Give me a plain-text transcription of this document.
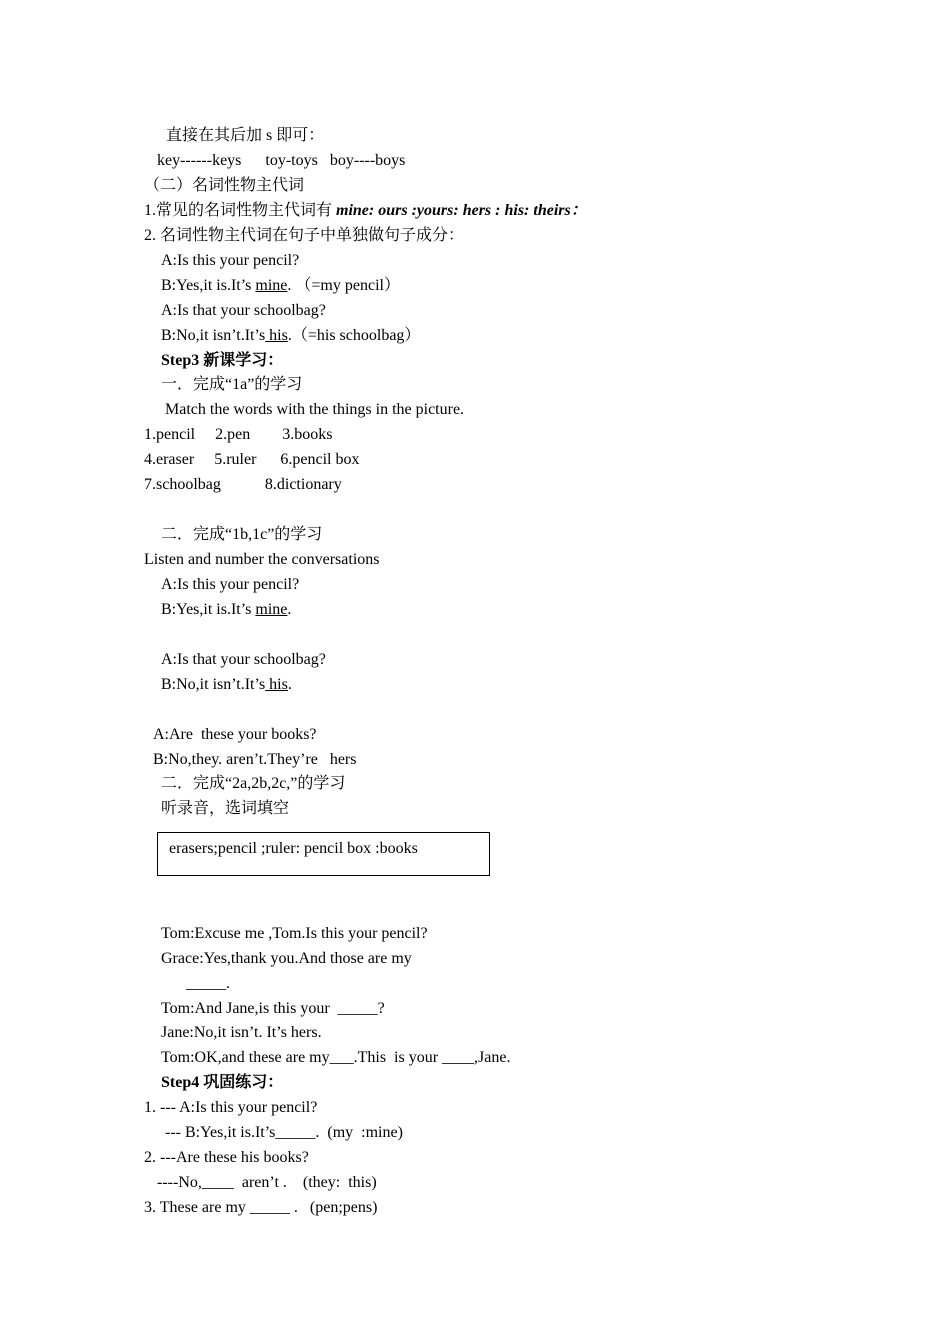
直接在其后加 s 即可：
key------keys      toy-toys   boy----boys
（二）名词性物主代词
1.常见的名词性物主代词有 mine: ours :yours: hers : his: theirs：
2. 名词性物主代词在句子中单独做句子成分：
A:Is this your pencil?
B:Yes,it is.It’s mine. （=my pencil）
A:Is that your schoolbag?
B:No,it isn’t.It’s his.（=his schoolbag）
Step3 新课学习：
一．完成“1a”的学习
Match the words with the things in the picture.
1.pencil     2.pen        3.books
4.eraser     5.ruler      6.pencil box
7.schoolbag           8.dictionary
二．完成“1b,1c”的学习
Listen and number the conversations
A:Is this your pencil?
B:Yes,it is.It’s mine.
A:Is that your schoolbag?
B:No,it isn’t.It’s his.
A:Are  these your books?
B:No,they. aren’t.They’re   hers
二．完成“2a,2b,2c,”的学习
听录音，选词填空
erasers;pencil ;ruler: pencil box :books
Tom:Excuse me ,Tom.Is this your pencil?
Grace:Yes,thank you.And those are my
_____.
Tom:And Jane,is this your  _____?
Jane:No,it isn’t. It’s hers.
Tom:OK,and these are my___.This  is your ____,Jane.
Step4 巩固练习：
1. --- A:Is this your pencil?
--- B:Yes,it is.It’s_____.  (my  :mine)
2. ---Are these his books?
----No,____  aren’t .    (they:  this)
3. These are my _____ .   (pen;pens)
